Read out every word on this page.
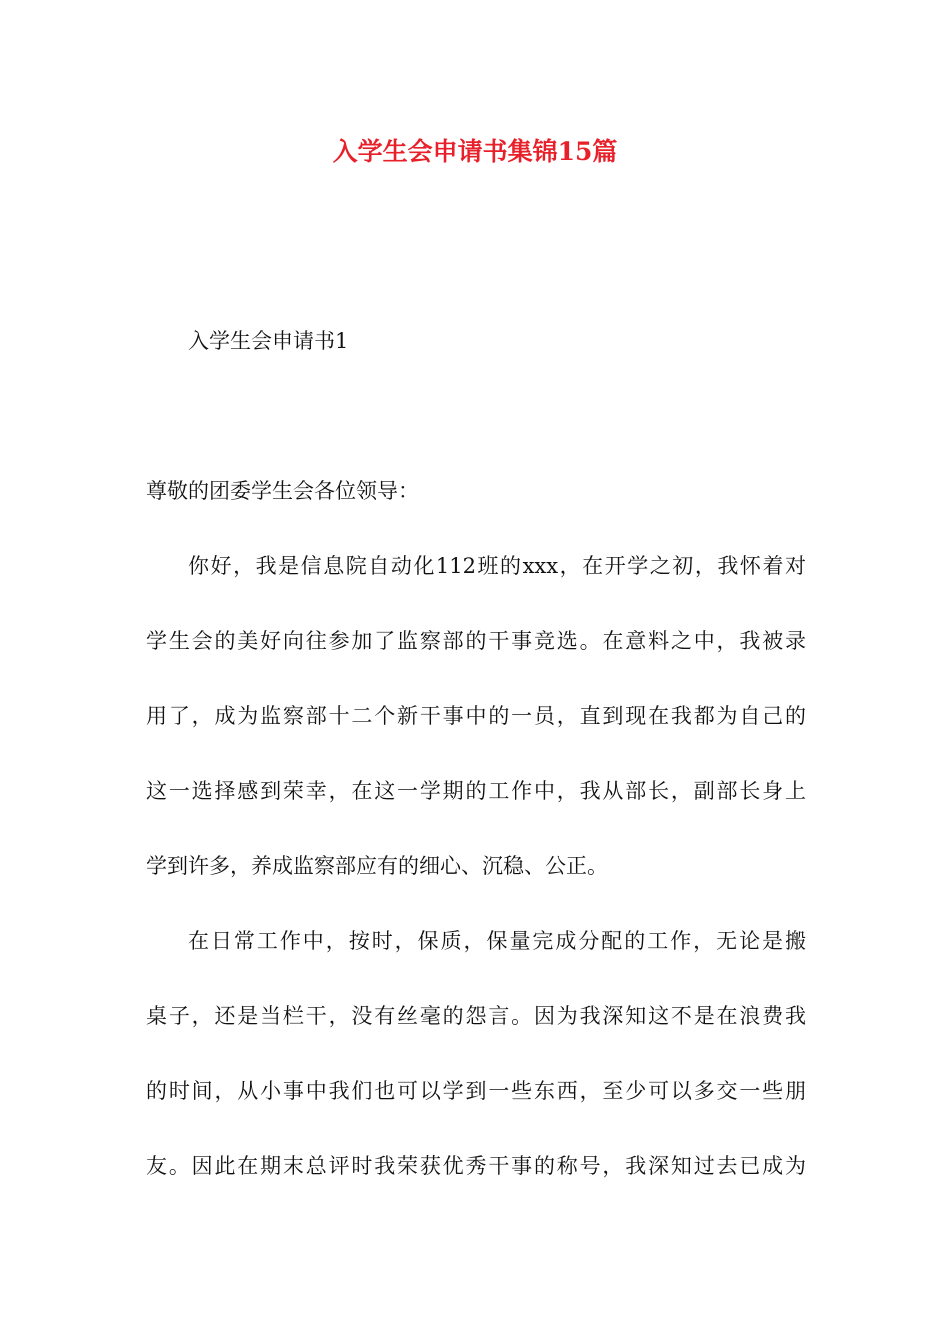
入学生会申请书集锦15篇

入学生会申请书1

尊敬的团委学生会各位领导：

你好，我是信息院自动化112班的xxx，在开学之初，我怀着对
学生会的美好向往参加了监察部的干事竞选。在意料之中，我被录
用了，成为监察部十二个新干事中的一员，直到现在我都为自己的
这一选择感到荣幸，在这一学期的工作中，我从部长，副部长身上
学到许多，养成监察部应有的细心、沉稳、公正。
在日常工作中，按时，保质，保量完成分配的工作，无论是搬
桌子，还是当栏干，没有丝毫的怨言。因为我深知这不是在浪费我
的时间，从小事中我们也可以学到一些东西，至少可以多交一些朋
友。因此在期末总评时我荣获优秀干事的称号，我深知过去已成为
